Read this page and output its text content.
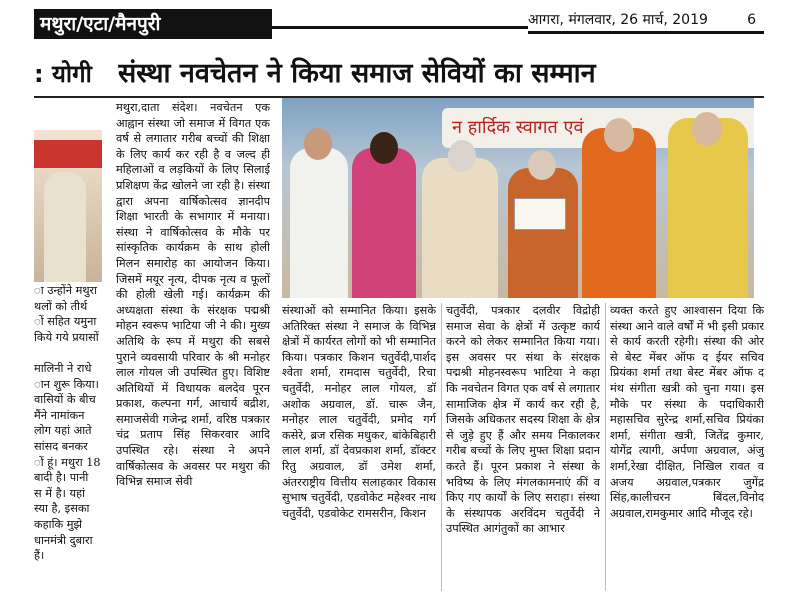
मथुरा/एटा/मैनपुरी	आगरा, मंगलवार, 26 मार्च, 2019	6
: योगी संस्था नवचेतन ने किया समाज सेवियों का सम्मान
ा उन्होंने मथुरा
थलों को तीर्थ
ों सहित यमुना
किये गये प्रयासों
मालिनी ने राधे
ान शुरू किया।
वासियों के बीच
मैंने नामांकन
लोग यहां आते
सांसद बनकर
ों हूं। मथुरा 18
बादी है। पानी
स में है। यहां
स्या है, इसका
कहाकि मुझे
धानमंत्री दुबारा
हैं।

मथुरा,दाता संदेश। नवचेतन एक आह्वान संस्था जो समाज में विगत एक वर्ष से लगातार गरीब बच्चों की शिक्षा के लिए कार्य कर रही है व जल्द ही महिलाओं व लड़कियों के लिए सिलाई प्रशिक्षण केंद्र खोलने जा रही है। संस्था द्वारा अपना वार्षिकोत्सव ज्ञानदीप शिक्षा भारती के सभागार में मनाया। संस्था ने वार्षिकोत्सव के मौके पर सांस्कृतिक कार्यक्रम के साथ होली मिलन समारोह का आयोजन किया। जिसमें मयूर नृत्य, दीपक नृत्य व फूलों की होली खेली गई। कार्यक्रम की अध्यक्षता संस्था के संरक्षक पद्मश्री मोहन स्वरूप भाटिया जी ने की। मुख्य अतिथि के रूप में मथुरा की सबसे पुराने व्यवसायी परिवार के श्री मनोहर लाल गोयल जी उपस्थित हुए। विशिष्ट अतिथियों में विधायक बलदेव पूरन प्रकाश, कल्पना गर्ग, आचार्य बद्रीश, समाजसेवी गजेन्द्र शर्मा, वरिष्ठ पत्रकार चंद्र प्रताप सिंह सिकरवार आदि उपस्थित रहे। संस्था ने अपने वार्षिकोत्सव के अवसर पर मथुरा की विभिन्न समाज सेवी

न हार्दिक स्वागत एवं

संस्थाओं को सम्मानित किया। इसके अतिरिक्त संस्था ने समाज के विभिन्न क्षेत्रों में कार्यरत लोगों को भी सम्मानित किया। पत्रकार किशन चतुर्वेदी,पार्शद श्वेता शर्मा, रामदास चतुर्वेदी, रिचा चतुर्वेदी, मनोहर लाल गोयल, डॉ अशोक अग्रवाल, डॉ. चारू जैन, मनोहर लाल चतुर्वेदी, प्रमोद गर्ग कसेरे, ब्रज रसिक मधुकर, बांकेबिहारी लाल शर्मा, डॉ देवप्रकाश शर्मा, डॉक्टर रितु अग्रवाल, डॉ उमेश शर्मा, अंतरराष्ट्रीय वित्तीय सलाहकार विकास सुभाष चतुर्वेदी, एडवोकेट महेश्वर नाथ चतुर्वेदी, एडवोकेट रामसरीन, किशन

चतुर्वेदी, पत्रकार दलवीर विद्रोही समाज सेवा के क्षेत्रों में उत्कृष्ट कार्य करने को लेकर सम्मानित किया गया। इस अवसर पर संथा के संरक्षक पद्मश्री मोहनस्वरूप भाटिया ने कहा कि नवचेतन विगत एक वर्ष से लगातार सामाजिक क्षेत्र में कार्य कर रही है, जिसके अधिकतर सदस्य शिक्षा के क्षेत्र से जुड़े हुए हैं और समय निकालकर गरीब बच्चों के लिए मुफ्त शिक्षा प्रदान करते हैं। पूरन प्रकाश ने संस्था के भविष्य के लिए मंगलकामनाएं कीं व किए गए कार्यों के लिए सराहा। संस्था के संस्थापक अरविंदम चतुर्वेदी ने उपस्थित आगंतुकों का आभार

व्यक्त करते हुए आश्वासन दिया कि संस्था आने वाले वर्षों में भी इसी प्रकार से कार्य करती रहेगी। संस्था की ओर से बेस्ट मेंबर ऑफ द ईयर सचिव प्रियंका शर्मा तथा बेस्ट मेंबर ऑफ द मंथ संगीता खत्री को चुना गया। इस मौके पर संस्था के पदाधिकारी महासचिव सुरेन्द्र शर्मा,सचिव प्रियंका शर्मा, संगीता खत्री, जितेंद्र कुमार, योगेंद्र त्यागी, अर्पणा अग्रवाल, अंजु शर्मा,रेखा दीक्षित, निखिल रावत व अजय अग्रवाल,पत्रकार जुगेंद्र सिंह,कालीचरन बिंदल,विनोद अग्रवाल,रामकुमार आदि मौजूद रहे।
